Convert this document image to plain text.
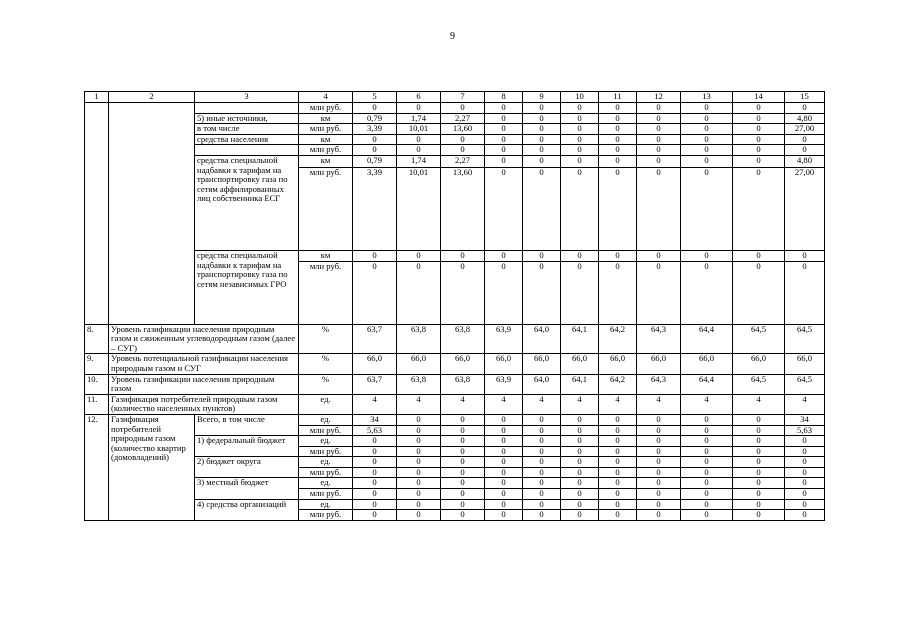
9
1	2	3	4	5	6	7	8	9	10	11	12	13	14	15
			млн руб.	0	0	0	0	0	0	0	0	0	0	0
		5) иные источники,	км	0,79	1,74	2,27	0	0	0	0	0	0	0	4,80
		в том числе	млн руб.	3,39	10,01	13,60	0	0	0	0	0	0	0	27,00
		средства населения	км	0	0	0	0	0	0	0	0	0	0	0
			млн руб.	0	0	0	0	0	0	0	0	0	0	0
		средства специальной надбавки к тарифам на транспортировку газа по сетям аффилированных лиц собственника ЕСГ	км	0,79	1,74	2,27	0	0	0	0	0	0	0	4,80
			млн руб.	3,39	10,01	13,60	0	0	0	0	0	0	0	27,00
		средства специальной надбавки к тарифам на транспортировку газа по сетям независимых ГРО	км	0	0	0	0	0	0	0	0	0	0	0
			млн руб.	0	0	0	0	0	0	0	0	0	0	0
8.	Уровень газификации населения природным газом и сжиженным углеводородным газом (далее – СУГ)		%	63,7	63,8	63,8	63,9	64,0	64,1	64,2	64,3	64,4	64,5	64,5
9.	Уровень потенциальной газификации населения природным газом и СУГ		%	66,0	66,0	66,0	66,0	66,0	66,0	66,0	66,0	66,0	66,0	66,0
10.	Уровень газификации населения природным газом		%	63,7	63,8	63,8	63,9	64,0	64,1	64,2	64,3	64,4	64,5	64,5
11.	Газификация потребителей природным газом (количество населенных пунктов)		ед.	4	4	4	4	4	4	4	4	4	4	4
12.	Газификация потребителей природным газом (количество квартир (домовладений)	Всего, в том числе	ед.	34	0	0	0	0	0	0	0	0	0	34
			млн руб.	5,63	0	0	0	0	0	0	0	0	0	5,63
		1) федеральный бюджет	ед.	0	0	0	0	0	0	0	0	0	0	0
			млн руб.	0	0	0	0	0	0	0	0	0	0	0
		2) бюджет округа	ед.	0	0	0	0	0	0	0	0	0	0	0
			млн руб.	0	0	0	0	0	0	0	0	0	0	0
		3) местный бюджет	ед.	0	0	0	0	0	0	0	0	0	0	0
			млн руб.	0	0	0	0	0	0	0	0	0	0	0
		4) средства организаций	ед.	0	0	0	0	0	0	0	0	0	0	0
			млн руб.	0	0	0	0	0	0	0	0	0	0	0
